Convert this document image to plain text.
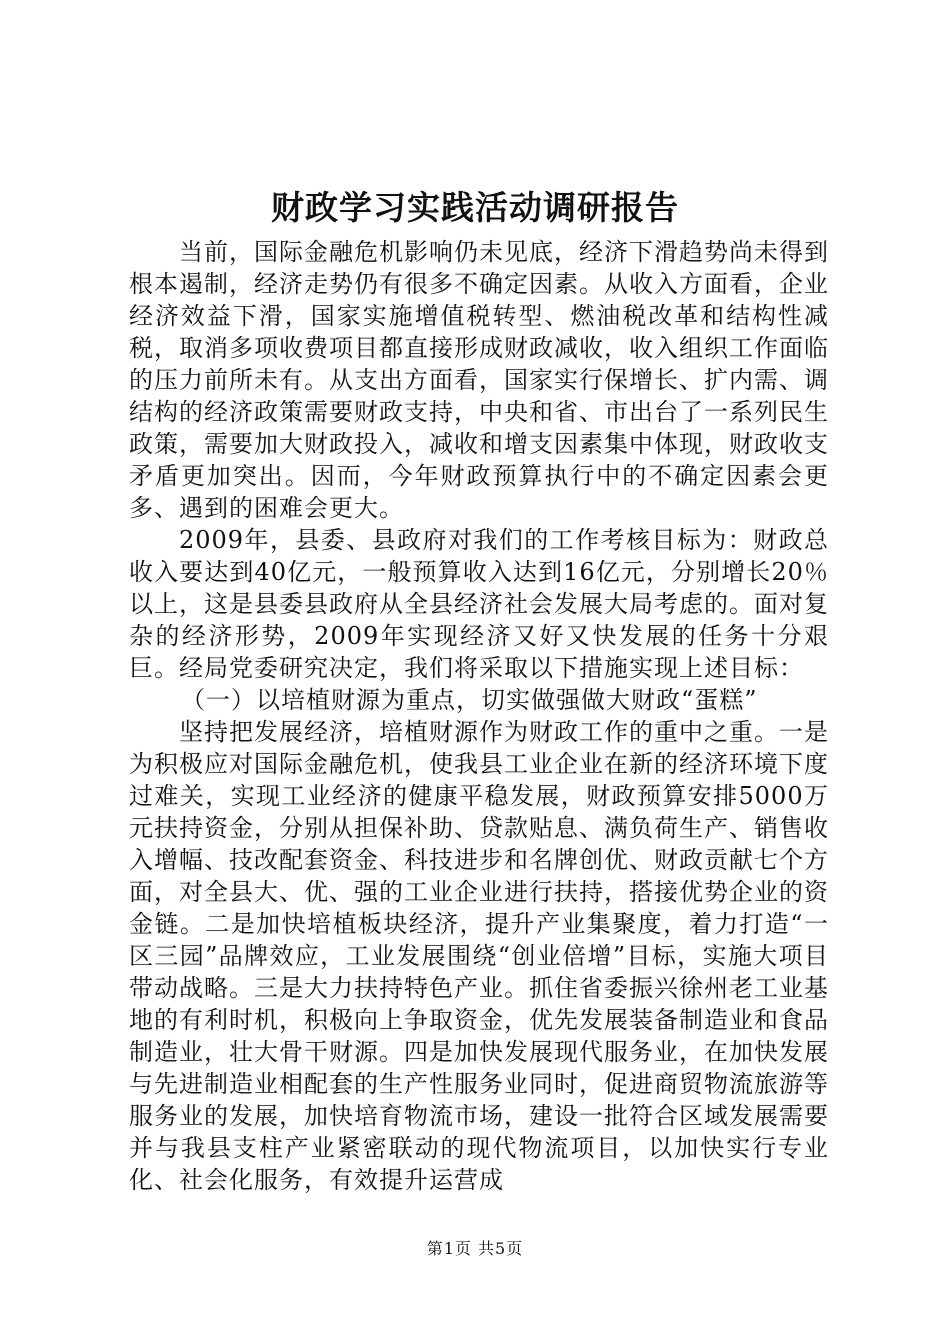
财政学习实践活动调研报告

当前，国际金融危机影响仍未见底，经济下滑趋势尚未得到根本遏制，经济走势仍有很多不确定因素。从收入方面看，企业经济效益下滑，国家实施增值税转型、燃油税改革和结构性减税，取消多项收费项目都直接形成财政减收，收入组织工作面临的压力前所未有。从支出方面看，国家实行保增长、扩内需、调结构的经济政策需要财政支持，中央和省、市出台了一系列民生政策，需要加大财政投入，减收和增支因素集中体现，财政收支矛盾更加突出。因而，今年财政预算执行中的不确定因素会更多、遇到的困难会更大。

2009年，县委、县政府对我们的工作考核目标为：财政总收入要达到40亿元，一般预算收入达到16亿元，分别增长20％以上，这是县委县政府从全县经济社会发展大局考虑的。面对复杂的经济形势，2009年实现经济又好又快发展的任务十分艰巨。经局党委研究决定，我们将采取以下措施实现上述目标：

（一）以培植财源为重点，切实做强做大财政“蛋糕”

坚持把发展经济，培植财源作为财政工作的重中之重。一是为积极应对国际金融危机，使我县工业企业在新的经济环境下度过难关，实现工业经济的健康平稳发展，财政预算安排5000万元扶持资金，分别从担保补助、贷款贴息、满负荷生产、销售收入增幅、技改配套资金、科技进步和名牌创优、财政贡献七个方面，对全县大、优、强的工业企业进行扶持，搭接优势企业的资金链。二是加快培植板块经济，提升产业集聚度，着力打造“一区三园”品牌效应，工业发展围绕“创业倍增”目标，实施大项目带动战略。三是大力扶持特色产业。抓住省委振兴徐州老工业基地的有利时机，积极向上争取资金，优先发展装备制造业和食品制造业，壮大骨干财源。四是加快发展现代服务业，在加快发展与先进制造业相配套的生产性服务业同时，促进商贸物流旅游等服务业的发展，加快培育物流市场，建设一批符合区域发展需要并与我县支柱产业紧密联动的现代物流项目，以加快实行专业化、社会化服务，有效提升运营成

第1页 共5页
